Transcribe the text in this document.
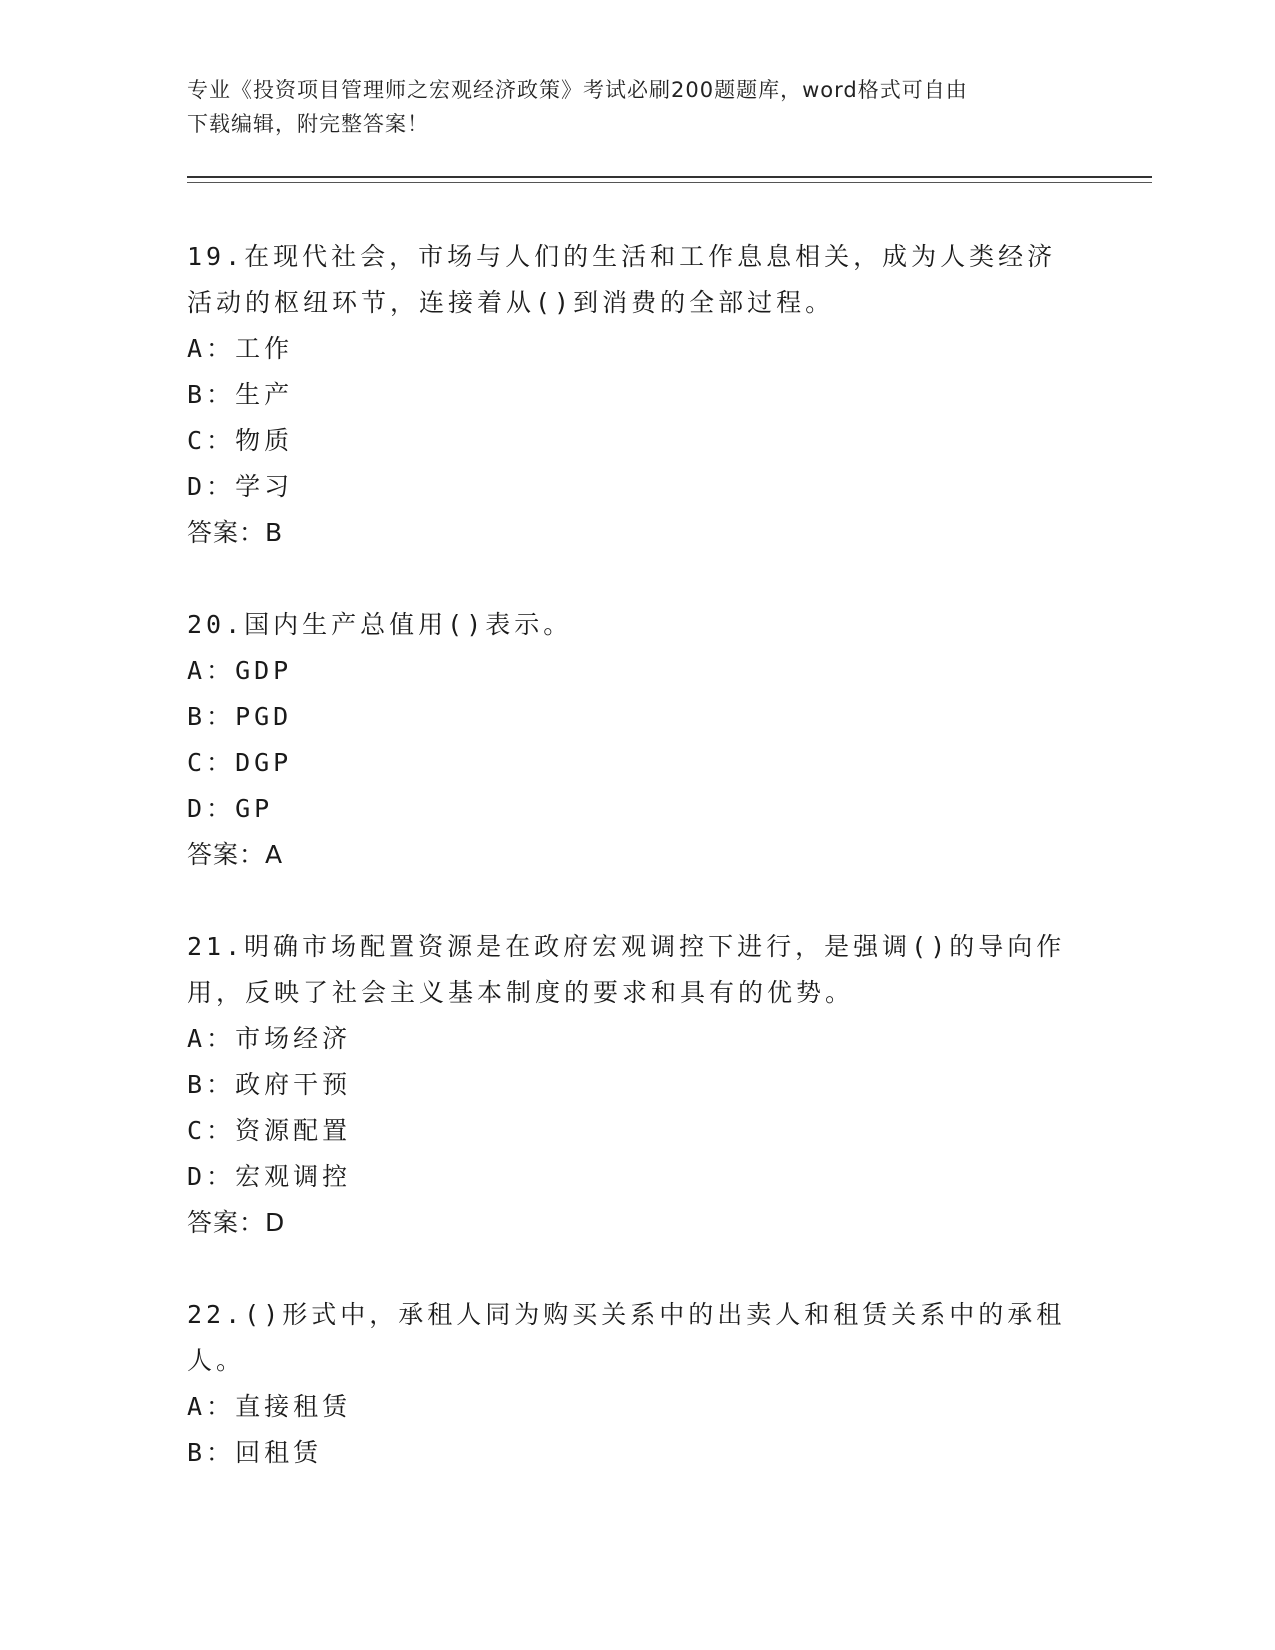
专业《投资项目管理师之宏观经济政策》考试必刷200题题库，word格式可自由
下载编辑，附完整答案！
19.在现代社会，市场与人们的生活和工作息息相关，成为人类经济活动的枢纽环节，连接着从()到消费的全部过程。
A：工作
B：生产
C：物质
D：学习
答案：B
20.国内生产总值用()表示。
A：GDP
B：PGD
C：DGP
D：GP
答案：A
21.明确市场配置资源是在政府宏观调控下进行，是强调()的导向作用，反映了社会主义基本制度的要求和具有的优势。
A：市场经济
B：政府干预
C：资源配置
D：宏观调控
答案：D
22.()形式中，承租人同为购买关系中的出卖人和租赁关系中的承租人。
A：直接租赁
B：回租赁
